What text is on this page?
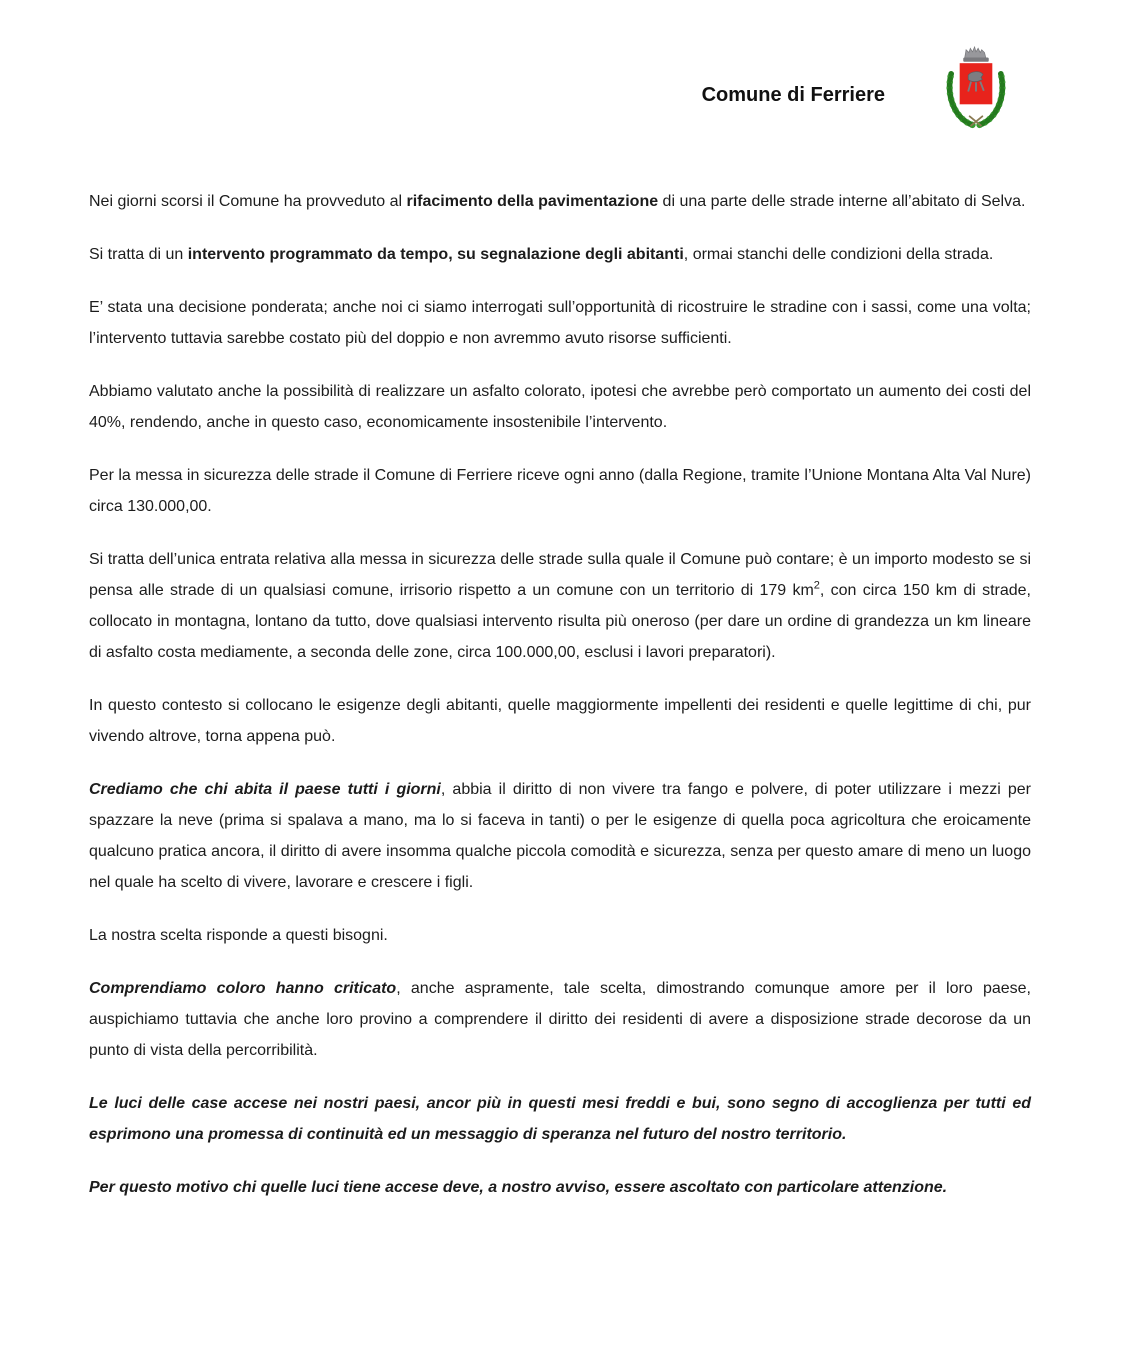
Comune di Ferriere

Nei giorni scorsi il Comune ha provveduto al rifacimento della pavimentazione di una parte delle strade interne all’abitato di Selva.

Si tratta di un intervento programmato da tempo, su segnalazione degli abitanti, ormai stanchi delle condizioni della strada.

E’ stata una decisione ponderata; anche noi ci siamo interrogati sull’opportunità di ricostruire le stradine con i sassi, come una volta; l’intervento tuttavia sarebbe costato più del doppio e non avremmo avuto risorse sufficienti.

Abbiamo valutato anche la possibilità di realizzare un asfalto colorato, ipotesi che avrebbe però comportato un aumento dei costi del 40%, rendendo, anche in questo caso, economicamente insostenibile l’intervento.

Per la messa in sicurezza delle strade il Comune di Ferriere riceve ogni anno (dalla Regione, tramite l’Unione Montana Alta Val Nure) circa 130.000,00.

Si tratta dell’unica entrata relativa alla messa in sicurezza delle strade sulla quale il Comune può contare; è un importo modesto se si pensa alle strade di un qualsiasi comune, irrisorio rispetto a un comune con un territorio di 179 $km^2$, con circa 150 km di strade, collocato in montagna, lontano da tutto, dove qualsiasi intervento risulta più oneroso (per dare un ordine di grandezza un km lineare di asfalto costa mediamente, a seconda delle zone, circa 100.000,00, esclusi i lavori preparatori).

In questo contesto si collocano le esigenze degli abitanti, quelle maggiormente impellenti dei residenti e quelle legittime di chi, pur vivendo altrove, torna appena può.

Crediamo che chi abita il paese tutti i giorni, abbia il diritto di non vivere tra fango e polvere, di poter utilizzare i mezzi per spazzare la neve (prima si spalava a mano, ma lo si faceva in tanti) o per le esigenze di quella poca agricoltura che eroicamente qualcuno pratica ancora, il diritto di avere insomma qualche piccola comodità e sicurezza, senza per questo amare di meno un luogo nel quale ha scelto di vivere, lavorare e crescere i figli.

La nostra scelta risponde a questi bisogni.

Comprendiamo coloro hanno criticato, anche aspramente, tale scelta, dimostrando comunque amore per il loro paese, auspichiamo tuttavia che anche loro provino a comprendere il diritto dei residenti di avere a disposizione strade decorose da un punto di vista della percorribilità.

Le luci delle case accese nei nostri paesi, ancor più in questi mesi freddi e bui, sono segno di accoglienza per tutti ed esprimono una promessa di continuità ed un messaggio di speranza nel futuro del nostro territorio.

Per questo motivo chi quelle luci tiene accese deve, a nostro avviso, essere ascoltato con particolare attenzione.
